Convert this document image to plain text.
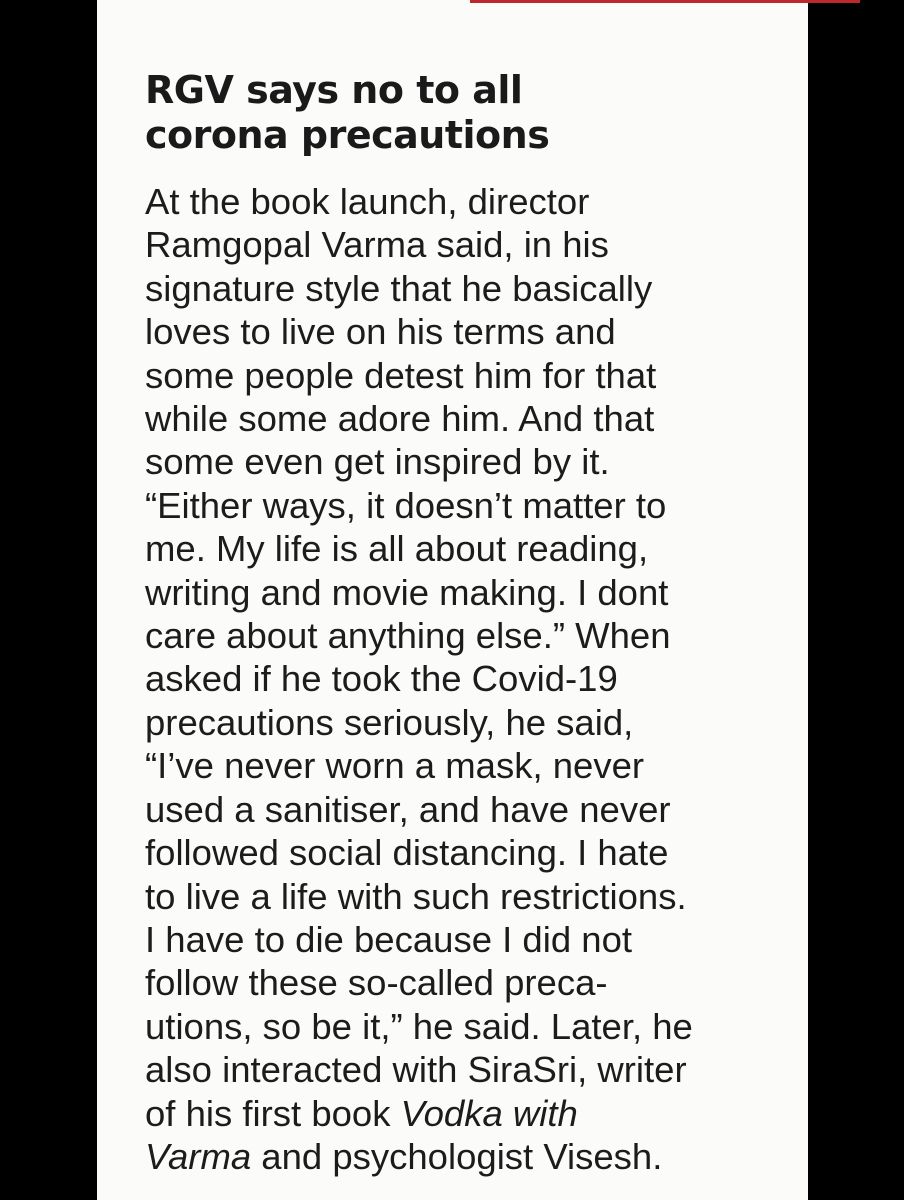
RGV says no to all
corona precautions

At the book launch, director
Ramgopal Varma said, in his
signature style that he basically
loves to live on his terms and
some people detest him for that
while some adore him. And that
some even get inspired by it.
“Either ways, it doesn’t matter to
me. My life is all about reading,
writing and movie making. I dont
care about anything else.” When
asked if he took the Covid-19
precautions seriously, he said,
“I’ve never worn a mask, never
used a sanitiser, and have never
followed social distancing. I hate
to live a life with such restrictions.
I have to die because I did not
follow these so-called preca-
utions, so be it,” he said. Later, he
also interacted with SiraSri, writer
of his first book Vodka with
Varma and psychologist Visesh.
